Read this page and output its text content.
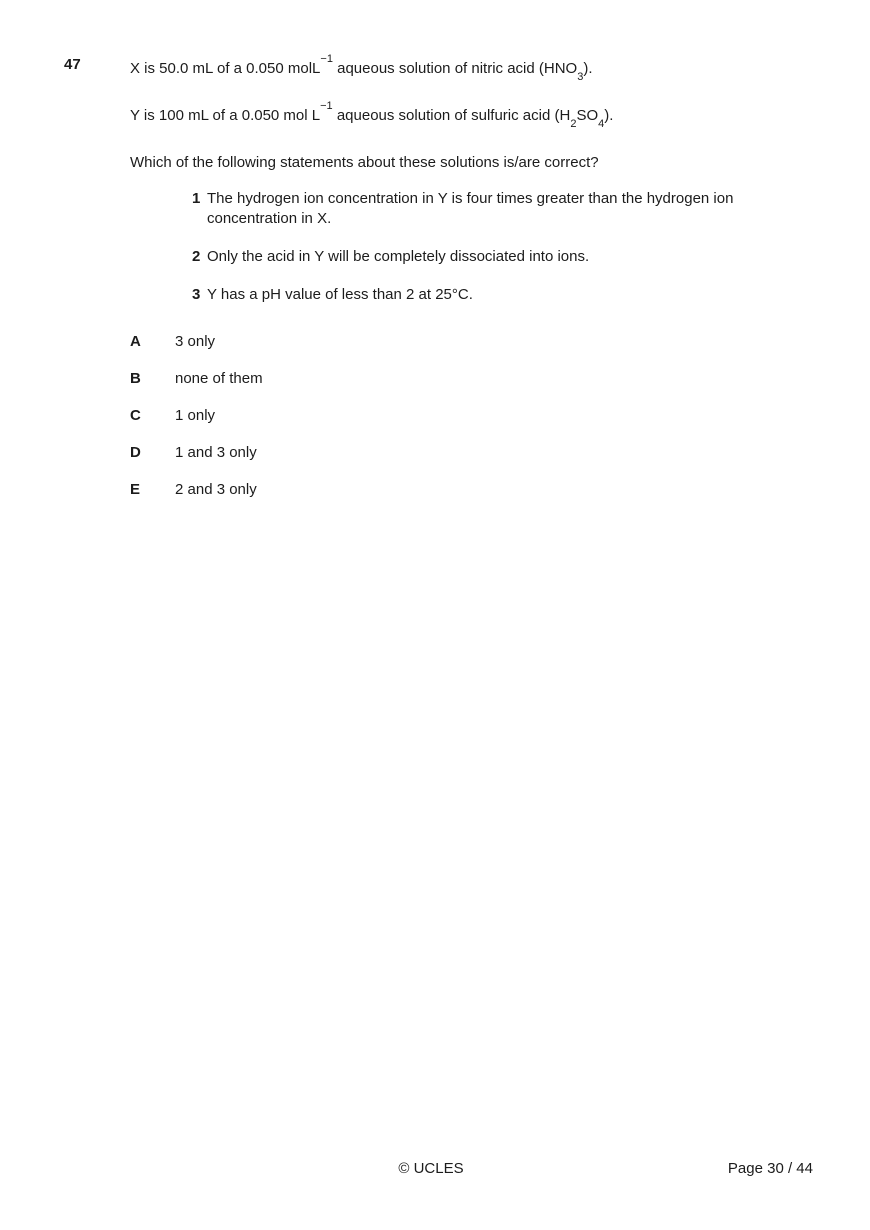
47	X is 50.0 mL of a 0.050 molL$^{-1}$ aqueous solution of nitric acid $(HNO_3)$.

Y is 100 mL of a 0.050 mol $L^{-1}$ aqueous solution of sulfuric acid $(H_2SO_4)$.

Which of the following statements about these solutions is/are correct?

1 The hydrogen ion concentration in Y is four times greater than the hydrogen ion concentration in X.
2 Only the acid in Y will be completely dissociated into ions.
3 Y has a pH value of less than 2 at 25°C.
A	3 only
B	none of them
C	1 only
D	1 and 3 only
E	2 and 3 only
© UCLES	Page 30 / 44
